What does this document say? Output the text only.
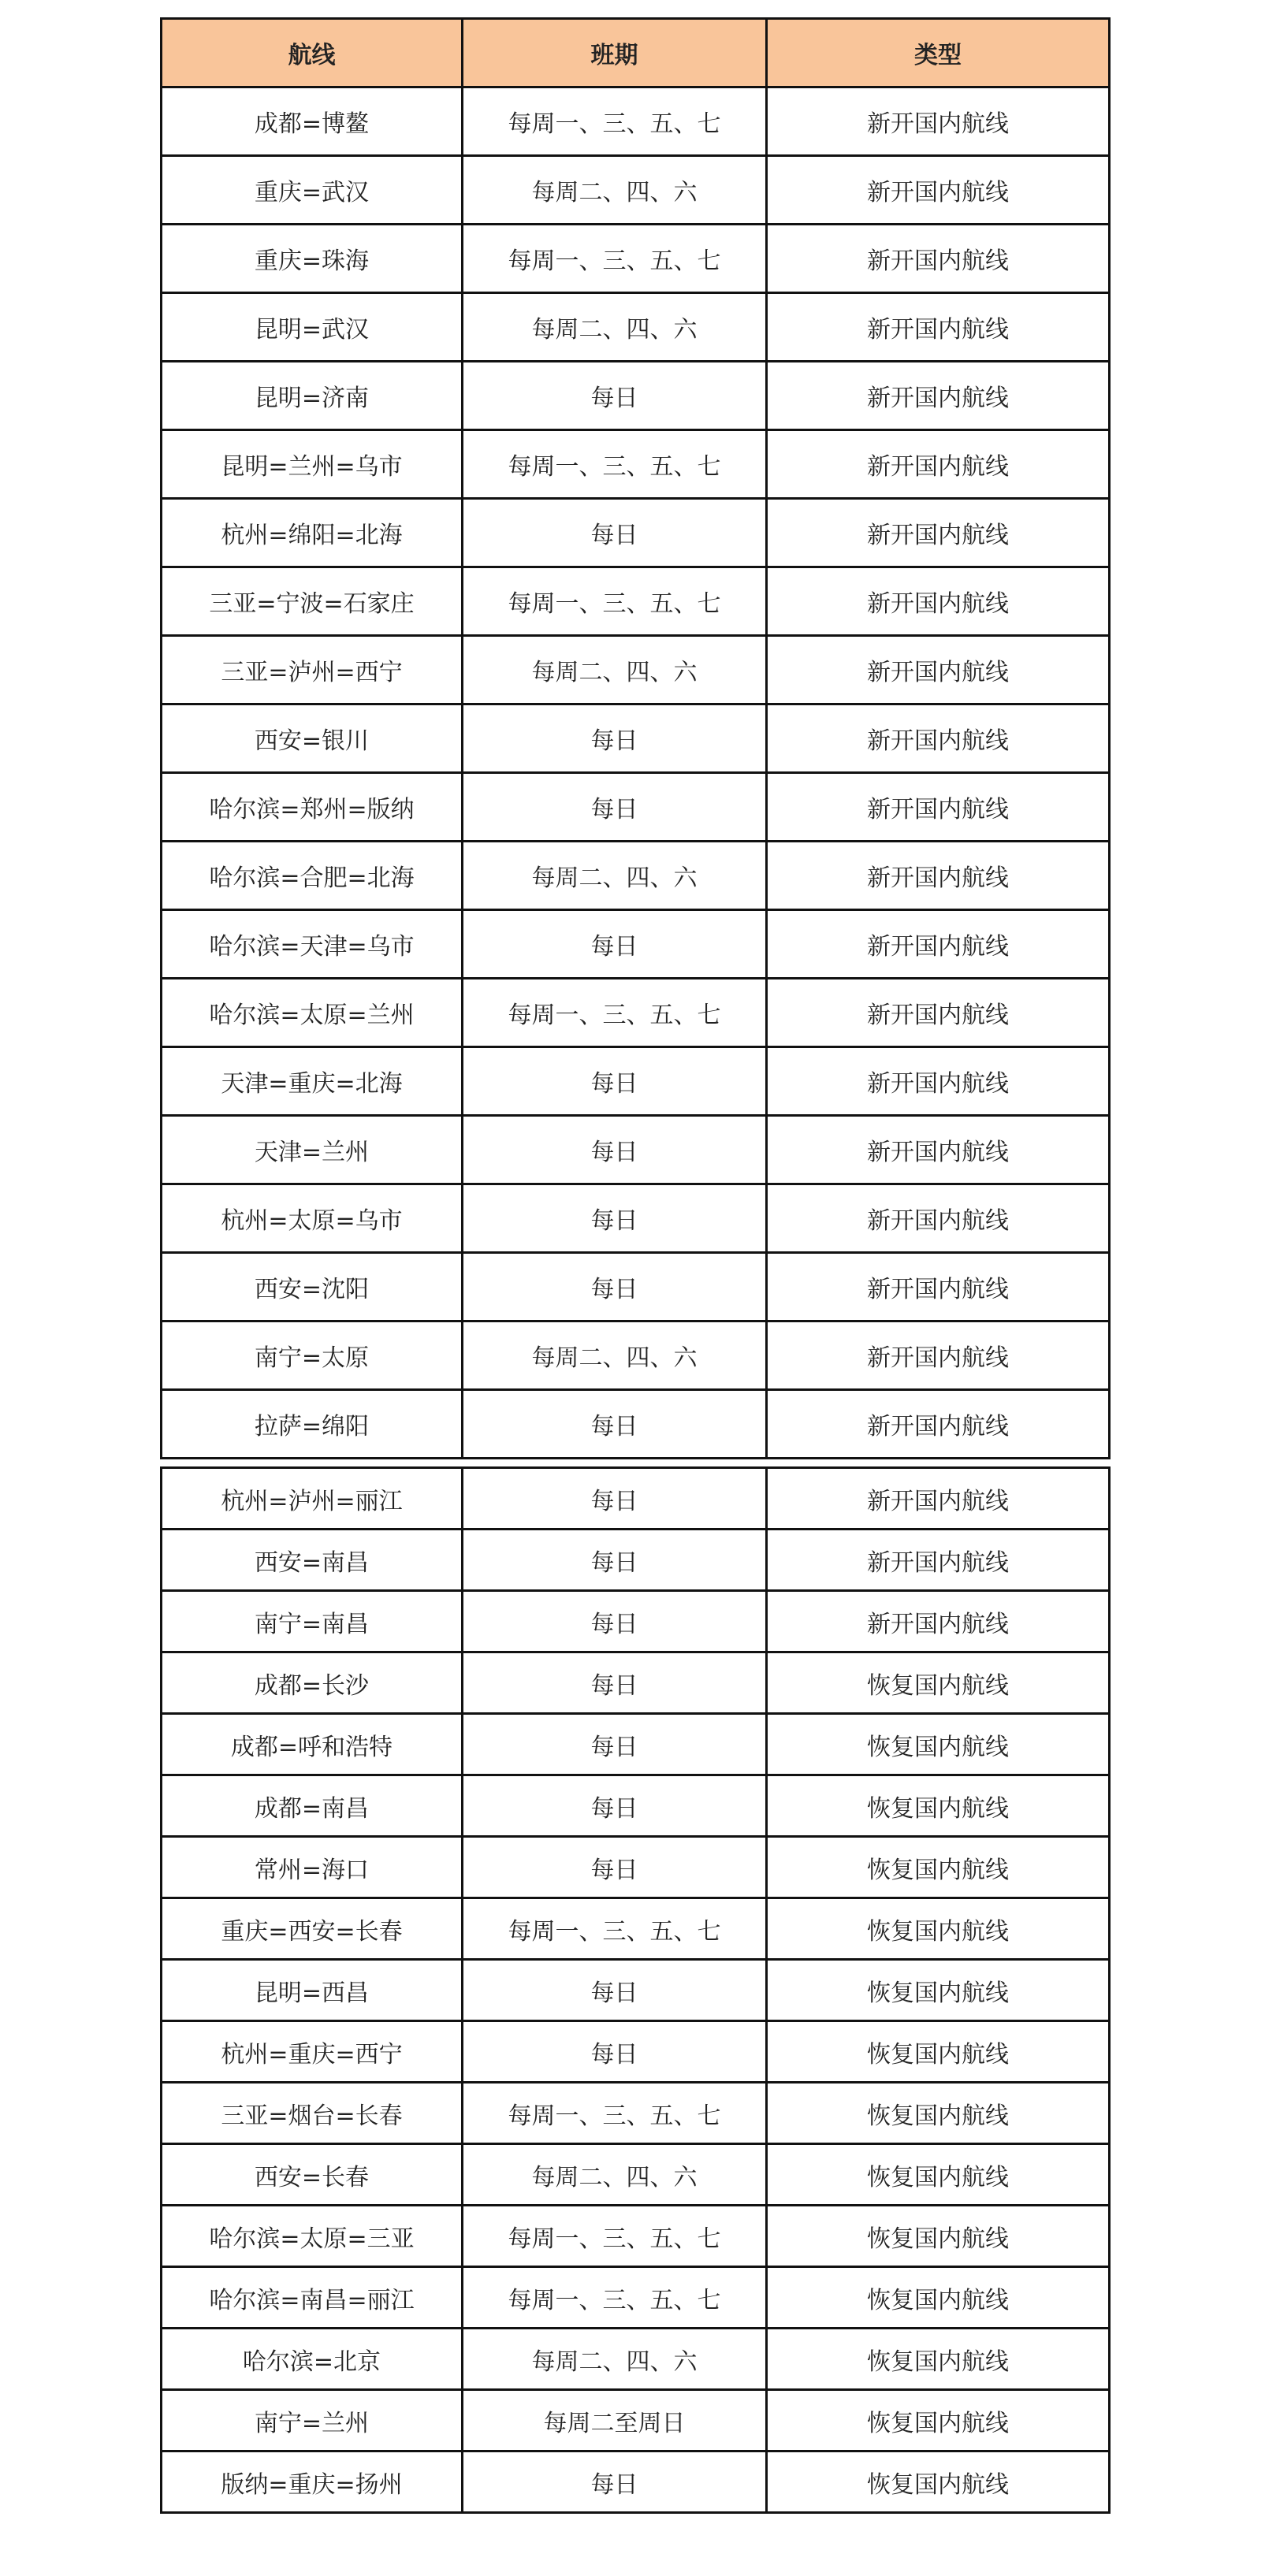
航线	班期	类型
成都=博鳌	每周一、三、五、七	新开国内航线
重庆=武汉	每周二、四、六	新开国内航线
重庆=珠海	每周一、三、五、七	新开国内航线
昆明=武汉	每周二、四、六	新开国内航线
昆明=济南	每日	新开国内航线
昆明=兰州=乌市	每周一、三、五、七	新开国内航线
杭州=绵阳=北海	每日	新开国内航线
三亚=宁波=石家庄	每周一、三、五、七	新开国内航线
三亚=泸州=西宁	每周二、四、六	新开国内航线
西安=银川	每日	新开国内航线
哈尔滨=郑州=版纳	每日	新开国内航线
哈尔滨=合肥=北海	每周二、四、六	新开国内航线
哈尔滨=天津=乌市	每日	新开国内航线
哈尔滨=太原=兰州	每周一、三、五、七	新开国内航线
天津=重庆=北海	每日	新开国内航线
天津=兰州	每日	新开国内航线
杭州=太原=乌市	每日	新开国内航线
西安=沈阳	每日	新开国内航线
南宁=太原	每周二、四、六	新开国内航线
拉萨=绵阳	每日	新开国内航线
杭州=泸州=丽江	每日	新开国内航线
西安=南昌	每日	新开国内航线
南宁=南昌	每日	新开国内航线
成都=长沙	每日	恢复国内航线
成都=呼和浩特	每日	恢复国内航线
成都=南昌	每日	恢复国内航线
常州=海口	每日	恢复国内航线
重庆=西安=长春	每周一、三、五、七	恢复国内航线
昆明=西昌	每日	恢复国内航线
杭州=重庆=西宁	每日	恢复国内航线
三亚=烟台=长春	每周一、三、五、七	恢复国内航线
西安=长春	每周二、四、六	恢复国内航线
哈尔滨=太原=三亚	每周一、三、五、七	恢复国内航线
哈尔滨=南昌=丽江	每周一、三、五、七	恢复国内航线
哈尔滨=北京	每周二、四、六	恢复国内航线
南宁=兰州	每周二至周日	恢复国内航线
版纳=重庆=扬州	每日	恢复国内航线
